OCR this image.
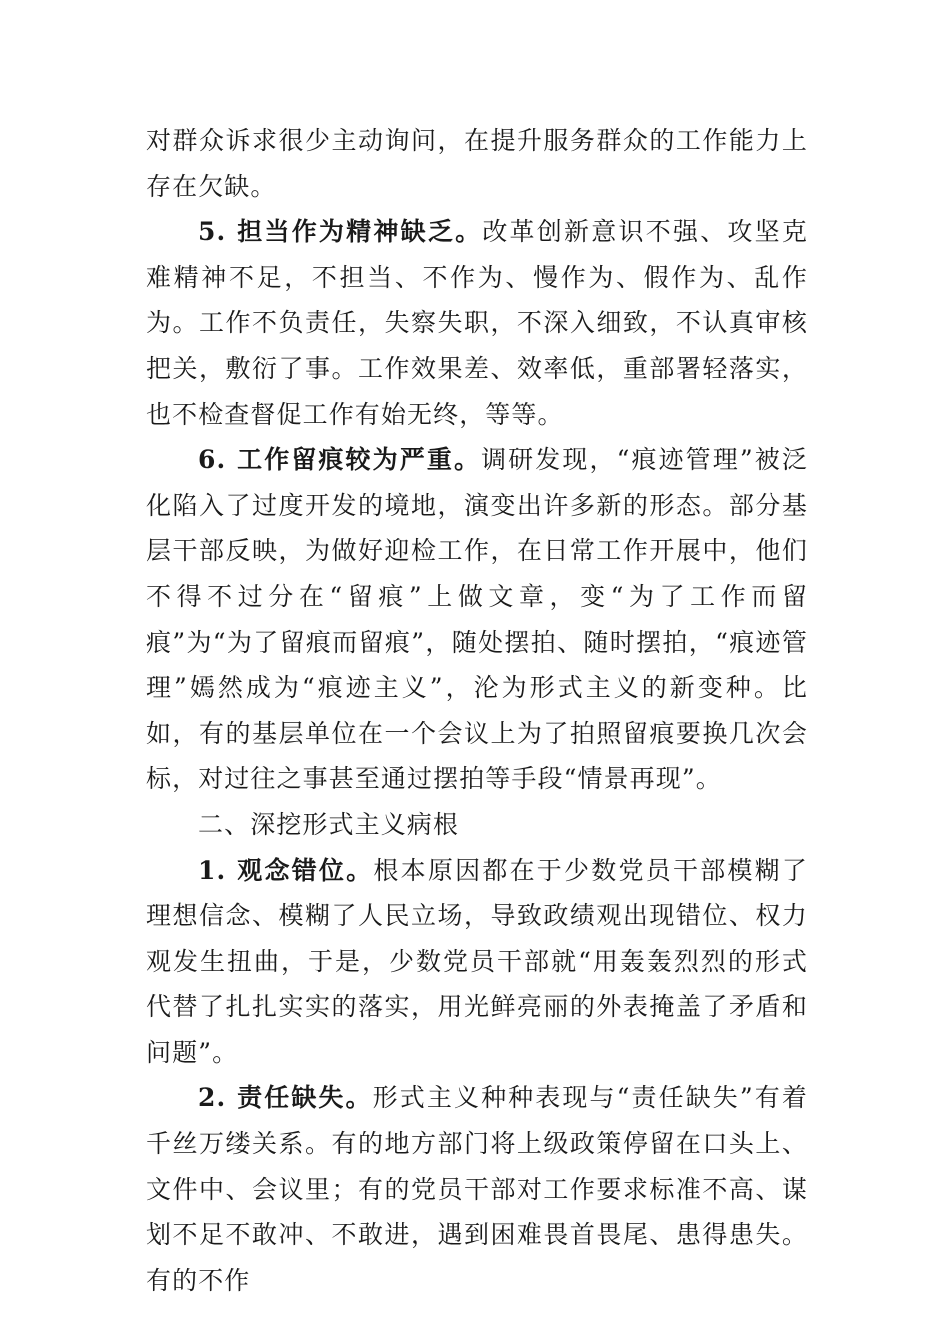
对群众诉求很少主动询问，在提升服务群众的工作能力上存在欠缺。

5. 担当作为精神缺乏。改革创新意识不强、攻坚克难精神不足，不担当、不作为、慢作为、假作为、乱作为。工作不负责任，失察失职，不深入细致，不认真审核把关，敷衍了事。工作效果差、效率低，重部署轻落实，也不检查督促工作有始无终，等等。

6. 工作留痕较为严重。调研发现，“痕迹管理”被泛化陷入了过度开发的境地，演变出许多新的形态。部分基层干部反映，为做好迎检工作，在日常工作开展中，他们不得不过分在“留痕”上做文章，变“为了工作而留痕”为“为了留痕而留痕”，随处摆拍、随时摆拍，“痕迹管理”嫣然成为“痕迹主义”，沦为形式主义的新变种。比如，有的基层单位在一个会议上为了拍照留痕要换几次会标，对过往之事甚至通过摆拍等手段“情景再现”。

二、深挖形式主义病根

1. 观念错位。根本原因都在于少数党员干部模糊了理想信念、模糊了人民立场，导致政绩观出现错位、权力观发生扭曲，于是，少数党员干部就“用轰轰烈烈的形式代替了扎扎实实的落实，用光鲜亮丽的外表掩盖了矛盾和问题”。

2. 责任缺失。形式主义种种表现与“责任缺失”有着千丝万缕关系。有的地方部门将上级政策停留在口头上、文件中、会议里；有的党员干部对工作要求标准不高、谋划不足不敢冲、不敢进，遇到困难畏首畏尾、患得患失。有的不作
